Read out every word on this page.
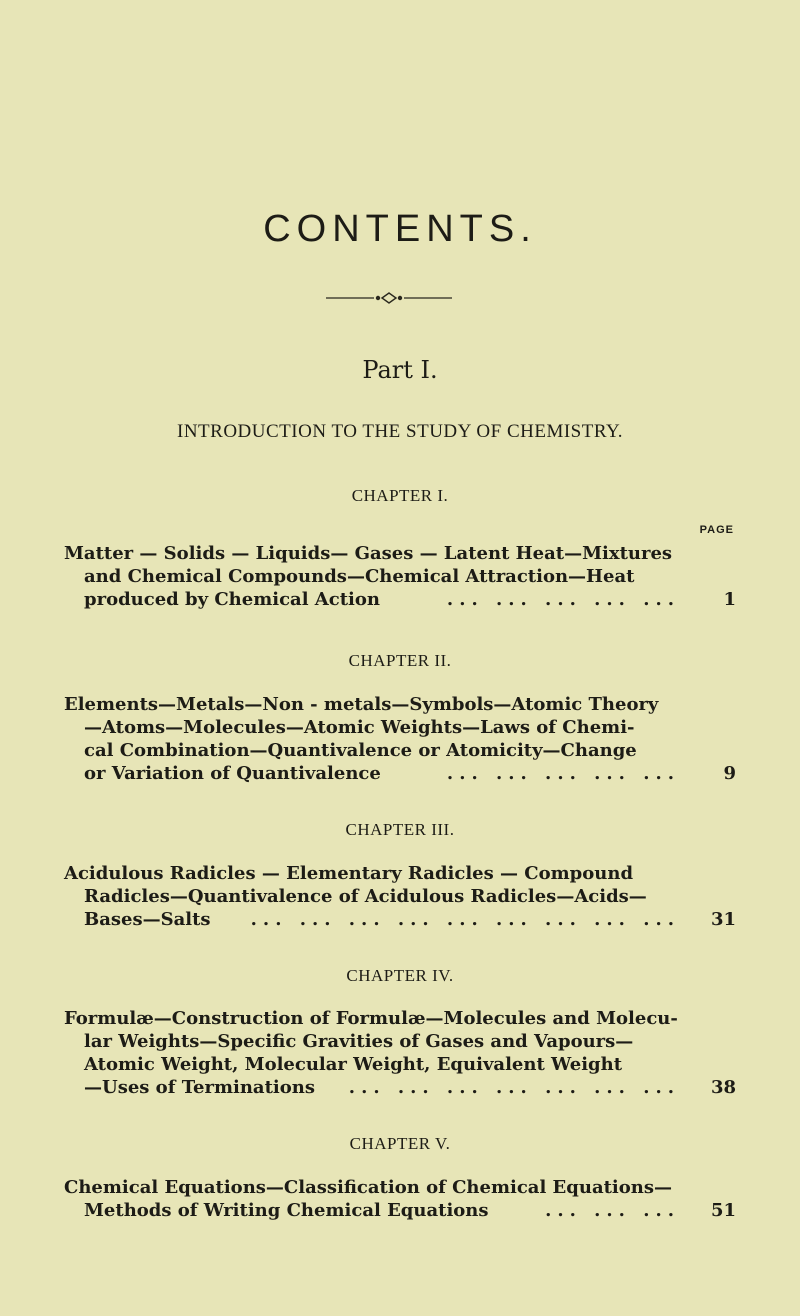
CONTENTS.
Part I.
INTRODUCTION TO THE STUDY OF CHEMISTRY.
CHAPTER I.
PAGE
Matter — Solids — Liquids— Gases — Latent Heat—Mixtures
and Chemical Compounds—Chemical Attraction—Heat
produced by Chemical Action	... ... ... ... ...	1
CHAPTER II.
Elements—Metals—Non - metals—Symbols—Atomic Theory
—Atoms—Molecules—Atomic Weights—Laws of Chemi-
cal Combination—Quantivalence or Atomicity—Change
or Variation of Quantivalence	... ... ... ... ...	9
CHAPTER III.
Acidulous Radicles — Elementary Radicles — Compound
Radicles—Quantivalence of Acidulous Radicles—Acids—
Bases—Salts	... ... ... ... ... ... ... ... ...	31
CHAPTER IV.
Formulæ—Construction of Formulæ—Molecules and Molecu-
lar Weights—Specific Gravities of Gases and Vapours—
Atomic Weight, Molecular Weight, Equivalent Weight
—Uses of Terminations	... ... ... ... ... ... ...	38
CHAPTER V.
Chemical Equations—Classification of Chemical Equations—
Methods of Writing Chemical Equations	... ... ...	51
